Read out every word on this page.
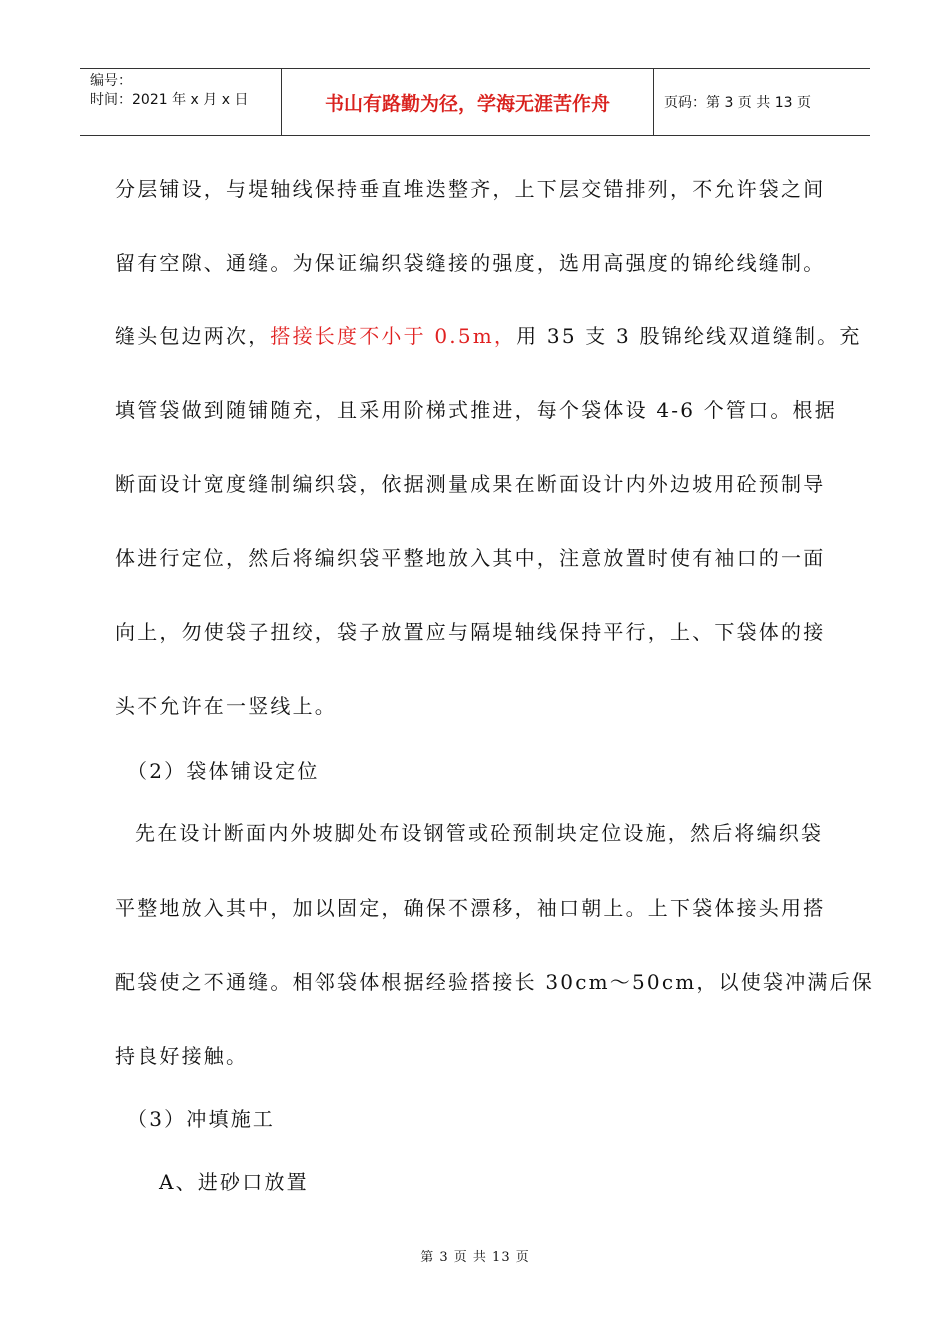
编号：
时间：2021 年 x 月 x 日	书山有路勤为径，学海无涯苦作舟	页码：第 3 页 共 13 页
分层铺设，与堤轴线保持垂直堆迭整齐，上下层交错排列，不允许袋之间
留有空隙、通缝。为保证编织袋缝接的强度，选用高强度的锦纶线缝制。
缝头包边两次，搭接长度不小于 0.5m，用 35 支 3 股锦纶线双道缝制。充
填管袋做到随铺随充，且采用阶梯式推进，每个袋体设 4-6 个管口。根据
断面设计宽度缝制编织袋，依据测量成果在断面设计内外边坡用砼预制导
体进行定位，然后将编织袋平整地放入其中，注意放置时使有袖口的一面
向上，勿使袋子扭绞，袋子放置应与隔堤轴线保持平行，上、下袋体的接
头不允许在一竖线上。
（2）袋体铺设定位
先在设计断面内外坡脚处布设钢管或砼预制块定位设施，然后将编织袋
平整地放入其中，加以固定，确保不漂移，袖口朝上。上下袋体接头用搭
配袋使之不通缝。相邻袋体根据经验搭接长 30cm～50cm，以使袋冲满后保
持良好接触。
（3）冲填施工
A、进砂口放置
第 3 页 共 13 页
